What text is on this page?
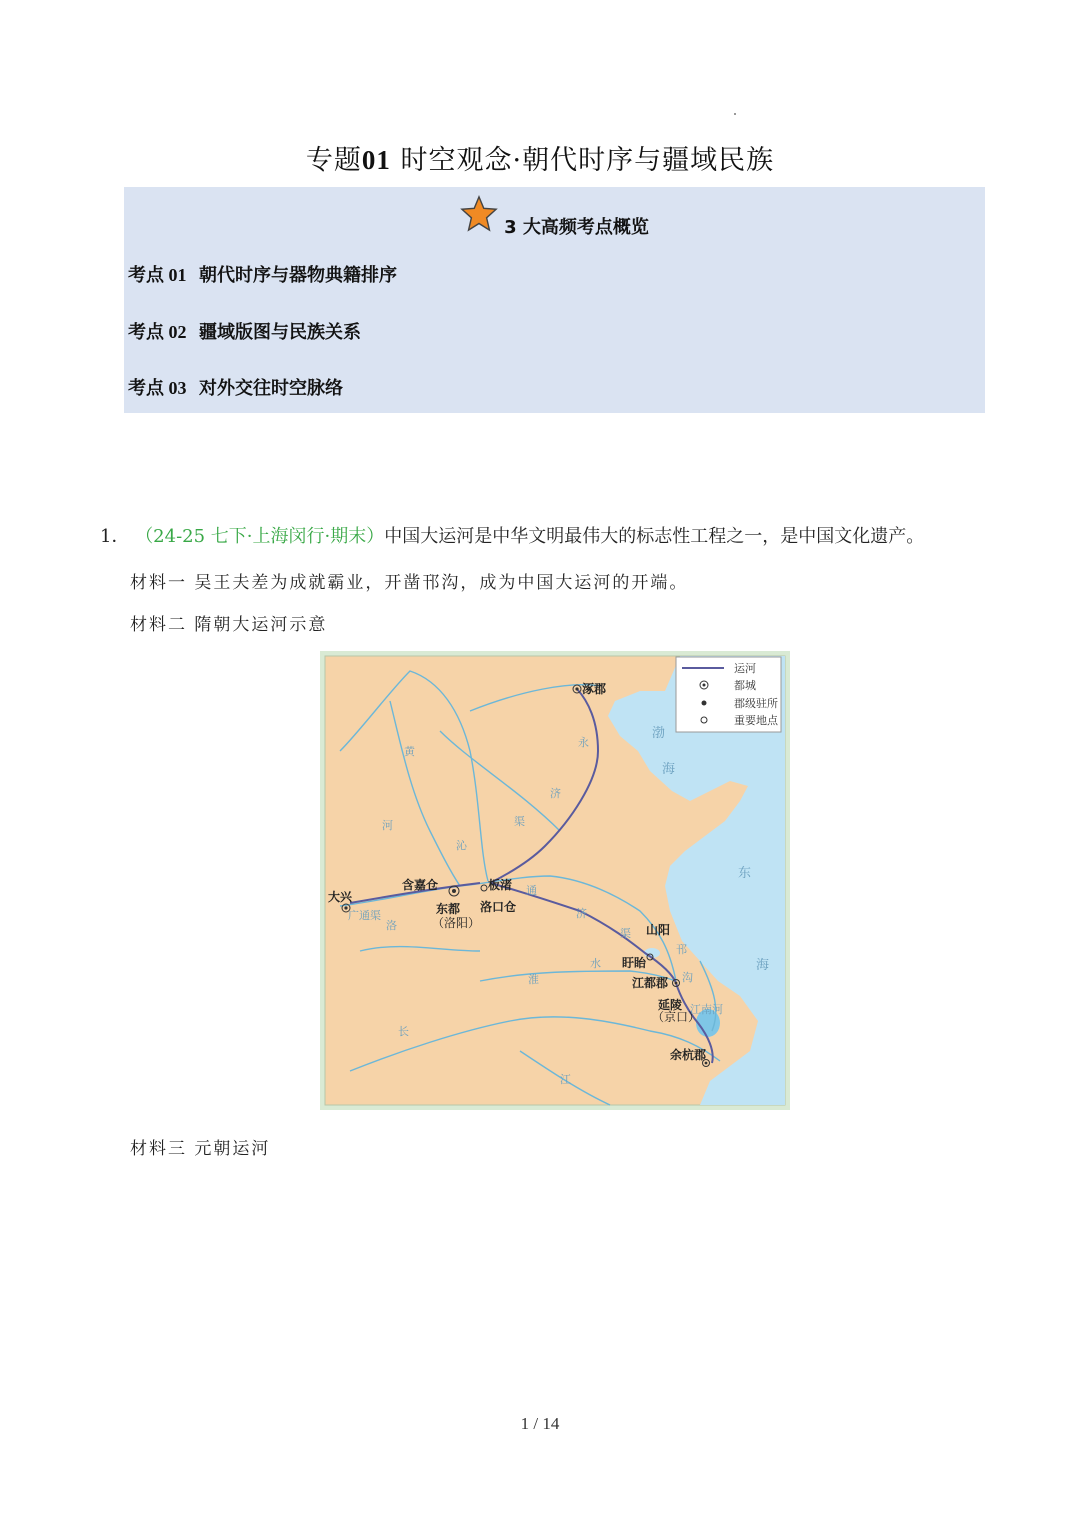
专题01 时空观念·朝代时序与疆域民族
3 大高频考点概览
考点 01 朝代时序与器物典籍排序
考点 02 疆域版图与民族关系
考点 03 对外交往时空脉络
1． （24-25 七下·上海闵行·期末）中国大运河是中华文明最伟大的标志性工程之一，是中国文化遗产。
材料一 吴王夫差为成就霸业，开凿邗沟，成为中国大运河的开端。
材料二 隋朝大运河示意
运河
都城
郡级驻所
重要地点
渤
海
东
海
黄
河
永
济
渠
沁
通
济
渠
邗
沟
淮
水
长
江
江南河
广通渠
洛
涿郡
大兴
含嘉仓
东都
（洛阳）
板渚
洛口仓
山阳
盱眙
江都郡
延陵
（京口）
余杭郡
材料三 元朝运河
1 / 14
